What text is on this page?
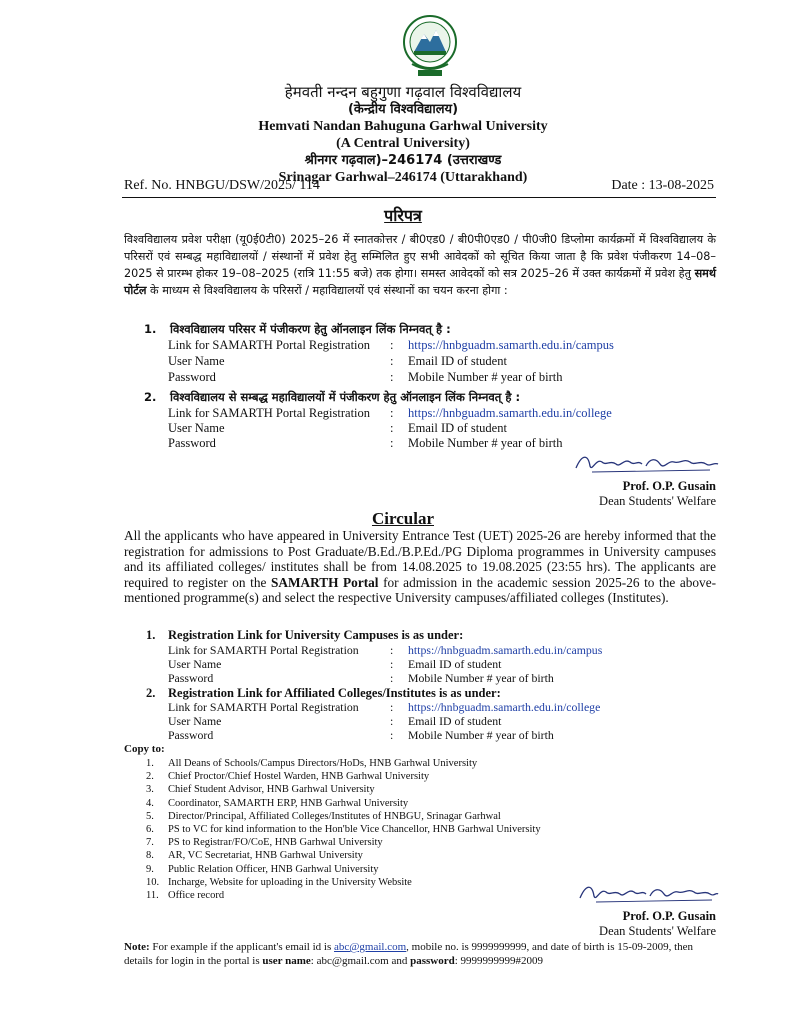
हेमवती नन्दन बहुगुणा गढ़वाल विश्वविद्यालय
(केन्द्रीय विश्वविद्यालय)
Hemvati Nandan Bahuguna Garhwal University
(A Central University)
श्रीनगर गढ़वाल)–246174 (उत्तराखण्ड
Srinagar Garhwal–246174 (Uttarakhand)
Ref. No. HNBGU/DSW/2025/ 114	Date : 13-08-2025
परिपत्र
विश्वविद्यालय प्रवेश परीक्षा (यू0ई0टी0) 2025–26 में स्नातकोत्तर / बी0एड0 / बी0पी0एड0 / पी0जी0 डिप्लोमा कार्यक्रमों में विश्वविद्यालय के परिसरों एवं सम्बद्ध महाविद्यालयों / संस्थानों में प्रवेश हेतु सम्मिलित हुए सभी आवेदकों को सूचित किया जाता है कि प्रवेश पंजीकरण 14–08–2025 से प्रारम्भ होकर 19–08–2025 (रात्रि 11:55 बजे) तक होगा। समस्त आवेदकों को सत्र 2025–26 में उक्त कार्यक्रमों में प्रवेश हेतु समर्थ पोर्टल के माध्यम से विश्वविद्यालय के परिसरों / महाविद्यालयों एवं संस्थानों का चयन करना होगा :
1. विश्वविद्यालय परिसर में पंजीकरण हेतु ऑनलाइन लिंक निम्नवत् है :
Link for SAMARTH Portal Registration : https://hnbguadm.samarth.edu.in/campus
User Name	: Email ID of student
Password	: Mobile Number # year of birth
2. विश्वविद्यालय से सम्बद्ध महाविद्यालयों में पंजीकरण हेतु ऑनलाइन लिंक निम्नवत् है :
Link for SAMARTH Portal Registration : https://hnbguadm.samarth.edu.in/college
User Name	: Email ID of student
Password	: Mobile Number # year of birth
Prof. O.P. Gusain
Dean Students' Welfare
Circular
All the applicants who have appeared in University Entrance Test (UET) 2025-26 are hereby informed that the registration for admissions to Post Graduate/B.Ed./B.P.Ed./PG Diploma programmes in University campuses and its affiliated colleges/ institutes shall be from 14.08.2025 to 19.08.2025 (23:55 hrs). The applicants are required to register on the SAMARTH Portal for admission in the academic session 2025-26 to the above-mentioned programme(s) and select the respective University campuses/affiliated colleges (Institutes).
1. Registration Link for University Campuses is as under:
Link for SAMARTH Portal Registration	: https://hnbguadm.samarth.edu.in/campus
User Name	: Email ID of student
Password	: Mobile Number # year of birth
2. Registration Link for Affiliated Colleges/Institutes is as under:
Link for SAMARTH Portal Registration	: https://hnbguadm.samarth.edu.in/college
User Name	: Email ID of student
Password	: Mobile Number # year of birth
Copy to:
1. All Deans of Schools/Campus Directors/HoDs, HNB Garhwal University
2. Chief Proctor/Chief Hostel Warden, HNB Garhwal University
3. Chief Student Advisor, HNB Garhwal University
4. Coordinator, SAMARTH ERP, HNB Garhwal University
5. Director/Principal, Affiliated Colleges/Institutes of HNBGU, Srinagar Garhwal
6. PS to VC for kind information to the Hon'ble Vice Chancellor, HNB Garhwal University
7. PS to Registrar/FO/CoE, HNB Garhwal University
8. AR, VC Secretariat, HNB Garhwal University
9. Public Relation Officer, HNB Garhwal University
10. Incharge, Website for uploading in the University Website
11. Office record
Prof. O.P. Gusain
Dean Students' Welfare
Note: For example if the applicant's email id is abc@gmail.com, mobile no. is 9999999999, and date of birth is 15-09-2009, then details for login in the portal is user name: abc@gmail.com and password: 9999999999#2009
